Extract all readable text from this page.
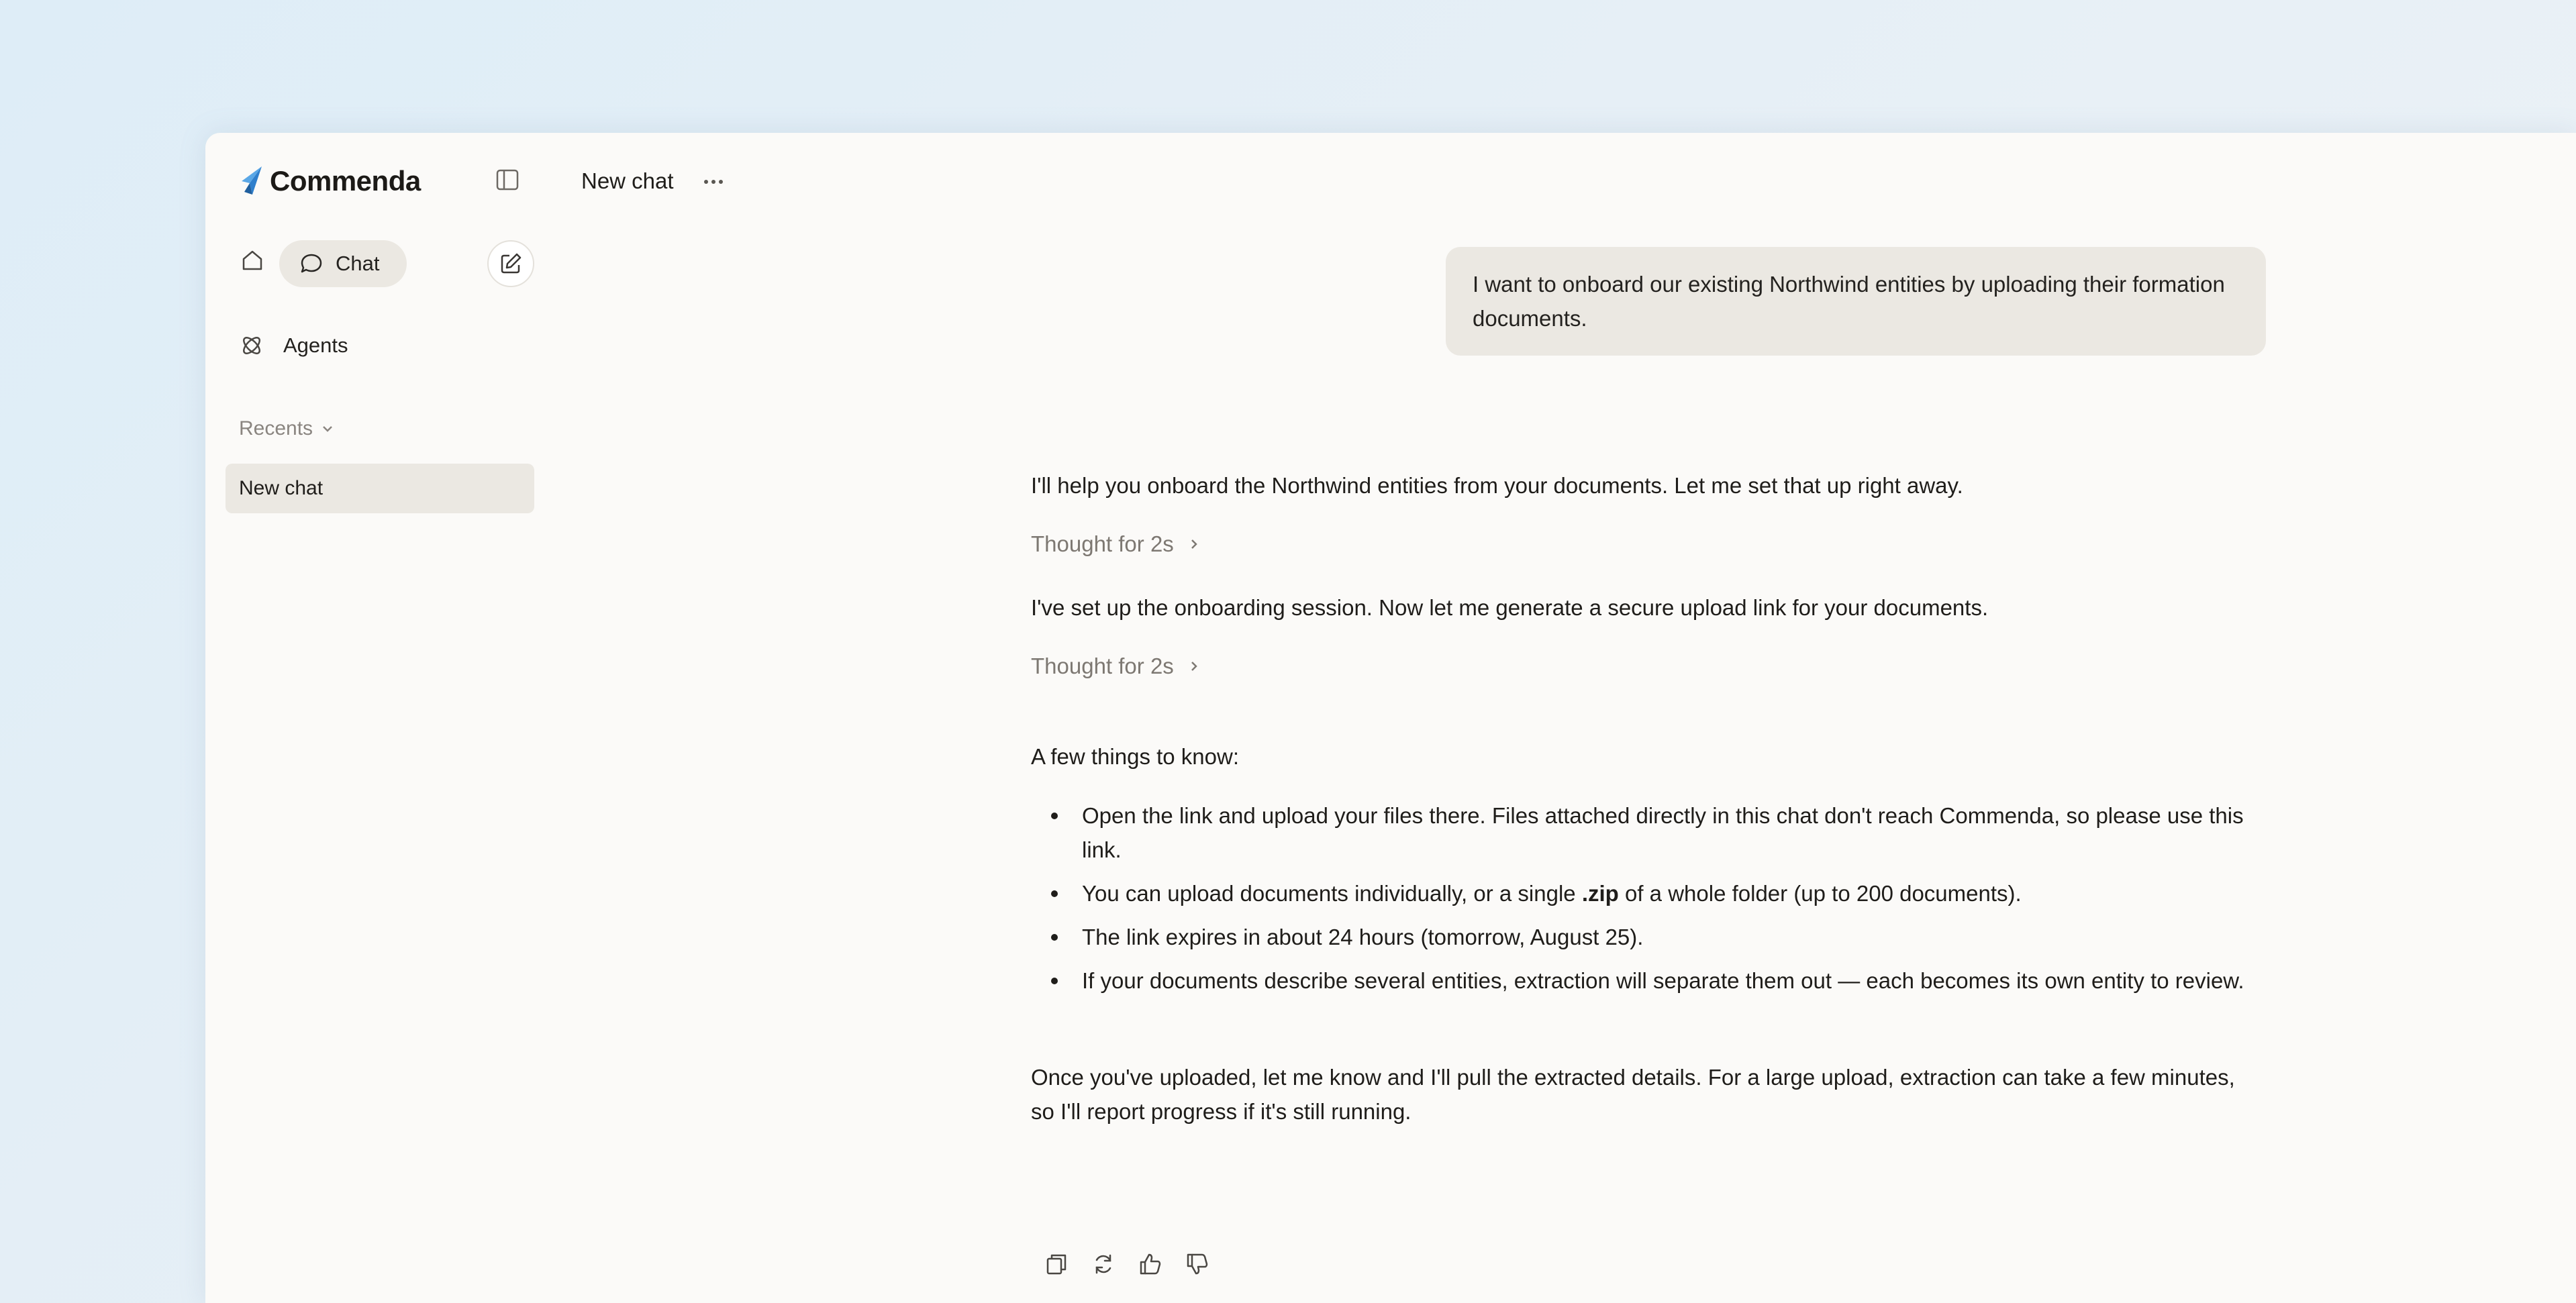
Commenda
Chat
Agents
Recents
New chat
New chat
I want to onboard our existing Northwind entities by uploading their formation documents.
I'll help you onboard the Northwind entities from your documents. Let me set that up right away.
Thought for 2s
I've set up the onboarding session. Now let me generate a secure upload link for your documents.
Thought for 2s
A few things to know:
Open the link and upload your files there. Files attached directly in this chat don't reach Commenda, so please use this link.
You can upload documents individually, or a single .zip of a whole folder (up to 200 documents).
The link expires in about 24 hours (tomorrow, August 25).
If your documents describe several entities, extraction will separate them out — each becomes its own entity to review.
Once you've uploaded, let me know and I'll pull the extracted details. For a large upload, extraction can take a few minutes, so I'll report progress if it's still running.
